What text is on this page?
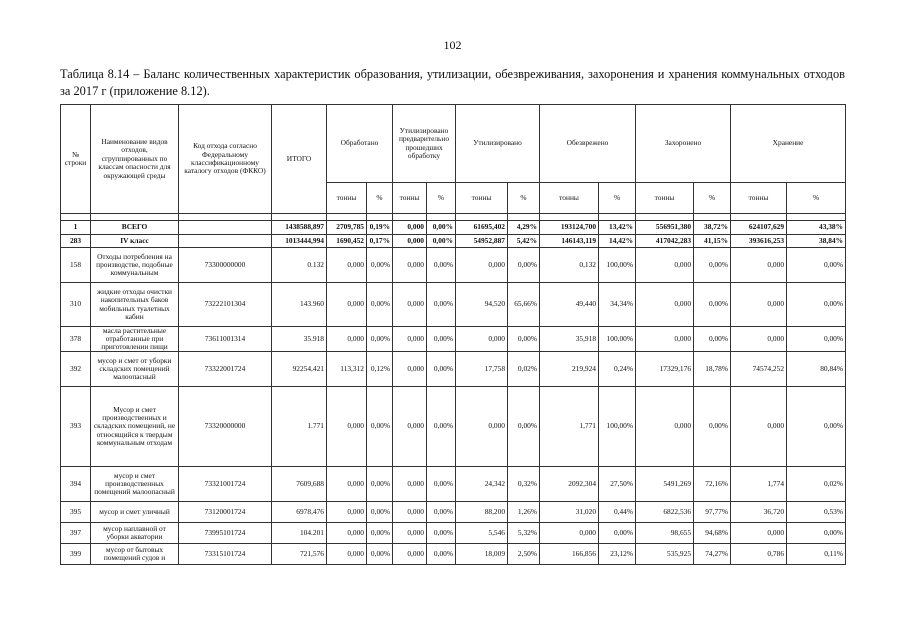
102
Таблица 8.14 – Баланс количественных характеристик образования, утилизации, обезвреживания, захоронения и хранения коммунальных отходов за 2017 г (приложение 8.12).
№ строки	Наименование видов отходов, сгруппированных по классам опасности для окружающей среды	Код отхода согласно Федеральному классификационному каталогу отходов (ФККО)	ИТОГО	Обработано		Утилизировано предварительно прошедших обработку		Утилизировано		Обезврежено		Захоронено		Хранение	
				тонны	%	тонны	%	тонны	%	тонны	%	тонны	%	тонны	%

1	ВСЕГО		1438588,897	2709,785	0,19%	0,000	0,00%	61695,402	4,29%	193124,700	13,42%	556951,380	38,72%	624107,629	43,38%
283	IV класс		1013444,994	1690,452	0,17%	0,000	0,00%	54952,887	5,42%	146143,119	14,42%	417042,283	41,15%	393616,253	38,84%
158	Отходы потребления на производстве, подобные коммунальным	73300000000	0.132	0,000	0,00%	0,000	0,00%	0,000	0,00%	0,132	100,00%	0,000	0,00%	0,000	0,00%
310	жидкие отходы очистки накопительных баков мобильных туалетных кабин	73222101304	143.960	0,000	0,00%	0,000	0,00%	94,520	65,66%	49,440	34,34%	0,000	0,00%	0,000	0,00%
378	масла растительные отработанные при приготовлении пищи	73611001314	35.918	0,000	0,00%	0,000	0,00%	0,000	0,00%	35,918	100,00%	0,000	0,00%	0,000	0,00%
392	мусор и смет от уборки складских помещений малоопасный	73322001724	92254,421	113,312	0,12%	0,000	0,00%	17,758	0,02%	219,924	0,24%	17329,176	18,78%	74574,252	80,84%
393	Мусор и смет производственных и складских помещений, не относящийся к твердым коммунальным отходам	73320000000	1.771	0,000	0,00%	0,000	0,00%	0,000	0,00%	1,771	100,00%	0,000	0,00%	0,000	0,00%
394	мусор и смет производственных помещений малоопасный	73321001724	7609,688	0,000	0,00%	0,000	0,00%	24,342	0,32%	2092,304	27,50%	5491,269	72,16%	1,774	0,02%
395	мусор и смет уличный	73120001724	6978,476	0,000	0,00%	0,000	0,00%	88,200	1,26%	31,020	0,44%	6822,536	97,77%	36,720	0,53%
397	мусор наплавной от уборки акватории	73995101724	104.201	0,000	0,00%	0,000	0,00%	5,546	5,32%	0,000	0,00%	98,655	94,68%	0,000	0,00%
399	мусор от бытовых помещений судов и	73315101724	721,576	0,000	0,00%	0,000	0,00%	18,009	2,50%	166,856	23,12%	535,925	74,27%	0,786	0,11%
